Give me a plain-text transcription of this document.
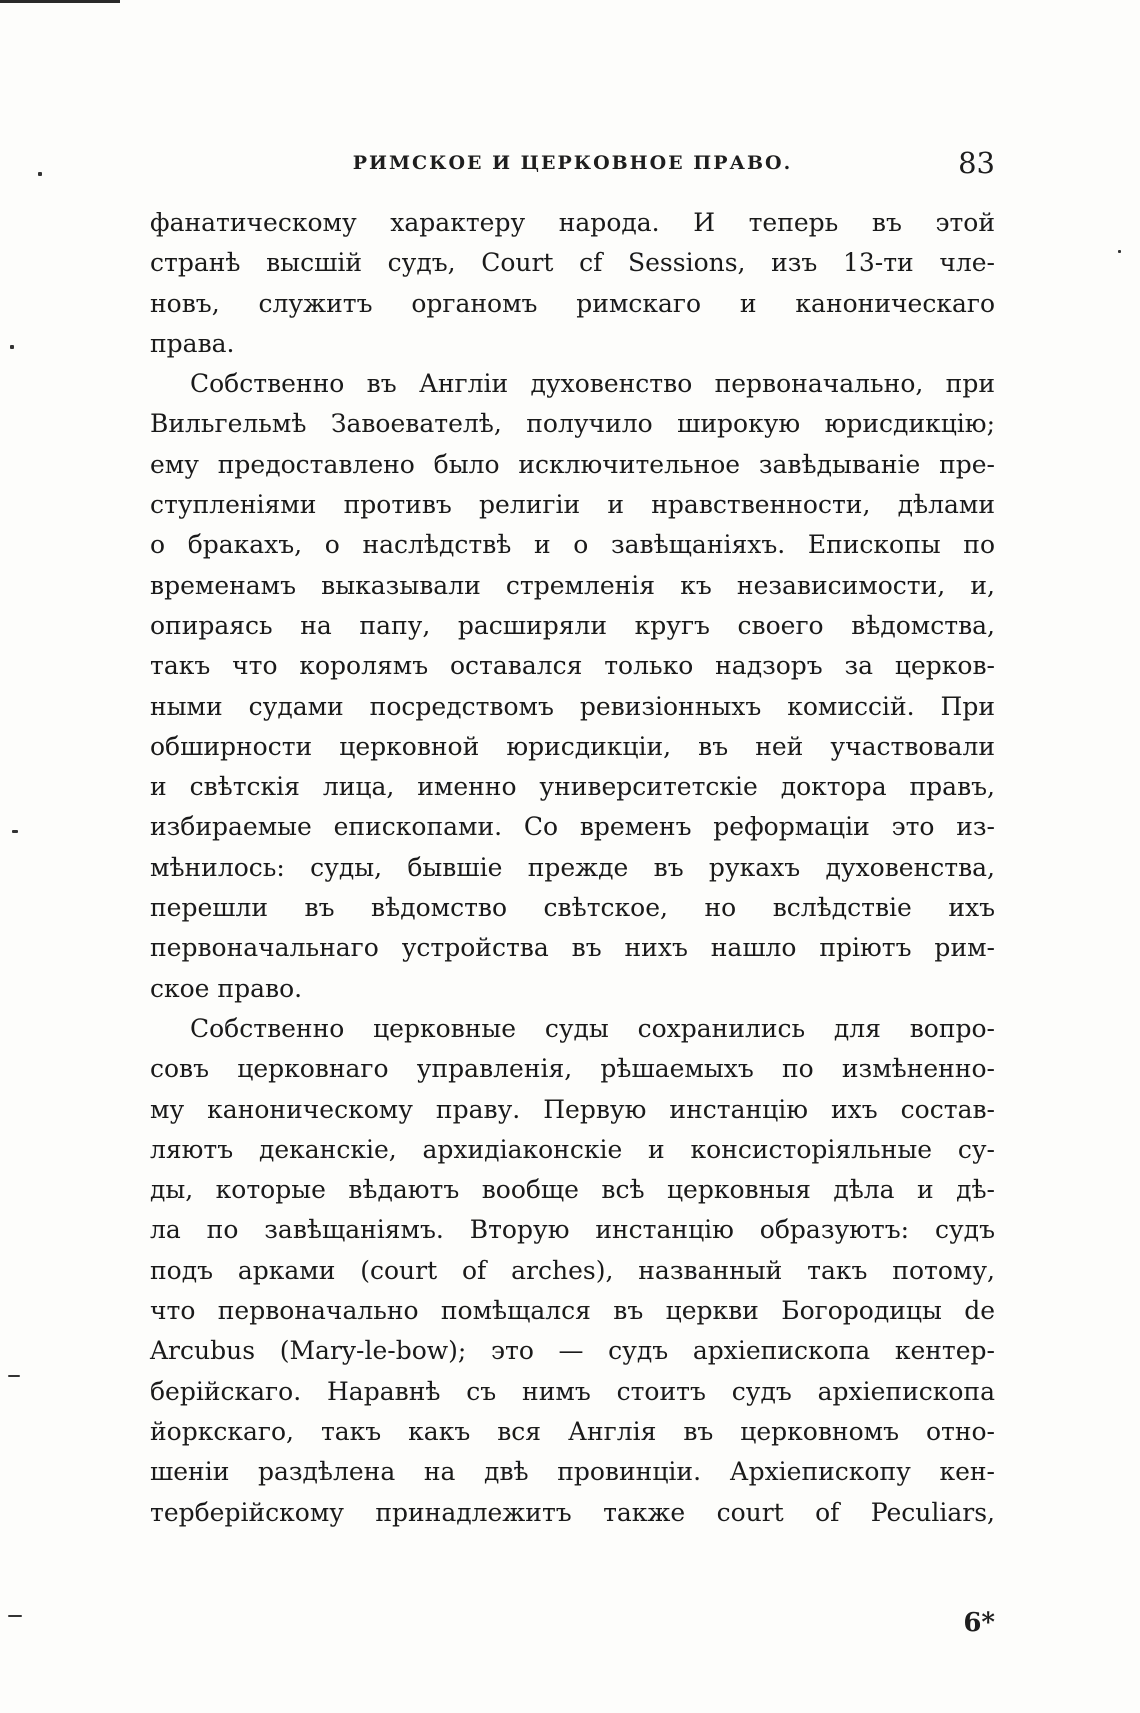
РИМСКОЕ И ЦЕРКОВНОЕ ПРАВО.	83
фанатическому характеру народа. И теперь въ этой
странѣ высшій судъ, Court cf Sessions, изъ 13-ти чле-
новъ, служитъ органомъ римскаго и каноническаго
права.
Собственно въ Англіи духовенство первоначально, при
Вильгельмѣ Завоевателѣ, получило широкую юрисдикцію;
ему предоставлено было исключительное завѣдываніе пре-
ступленіями противъ религіи и нравственности, дѣлами
о бракахъ, о наслѣдствѣ и о завѣщаніяхъ. Епископы по
временамъ выказывали стремленія къ независимости, и,
опираясь на папу, расширяли кругъ своего вѣдомства,
такъ что королямъ оставался только надзоръ за церков-
ными судами посредствомъ ревизіонныхъ комиссій. При
обширности церковной юрисдикціи, въ ней участвовали
и свѣтскія лица, именно университетскіе доктора правъ,
избираемые епископами. Со временъ реформаціи это из-
мѣнилось: суды, бывшіе прежде въ рукахъ духовенства,
перешли въ вѣдомство свѣтское, но вслѣдствіе ихъ
первоначальнаго устройства въ нихъ нашло пріютъ рим-
ское право.
Собственно церковные суды сохранились для вопро-
совъ церковнаго управленія, рѣшаемыхъ по измѣненно-
му каноническому праву. Первую инстанцію ихъ состав-
ляютъ деканскіе, архидіаконскіе и консисторіяльные су-
ды, которые вѣдаютъ вообще всѣ церковныя дѣла и дѣ-
ла по завѣщаніямъ. Вторую инстанцію образуютъ: судъ
подъ арками (court of arches), названный такъ потому,
что первоначально помѣщался въ церкви Богородицы de
Arcubus (Mary-le-bow); это — судъ архіепископа кентер-
берійскаго. Наравнѣ съ нимъ стоитъ судъ архіепископа
йоркскаго, такъ какъ вся Англія въ церковномъ отно-
шеніи раздѣлена на двѣ провинціи. Архіепископу кен-
терберійскому принадлежитъ также court of Peculiars,
6*
